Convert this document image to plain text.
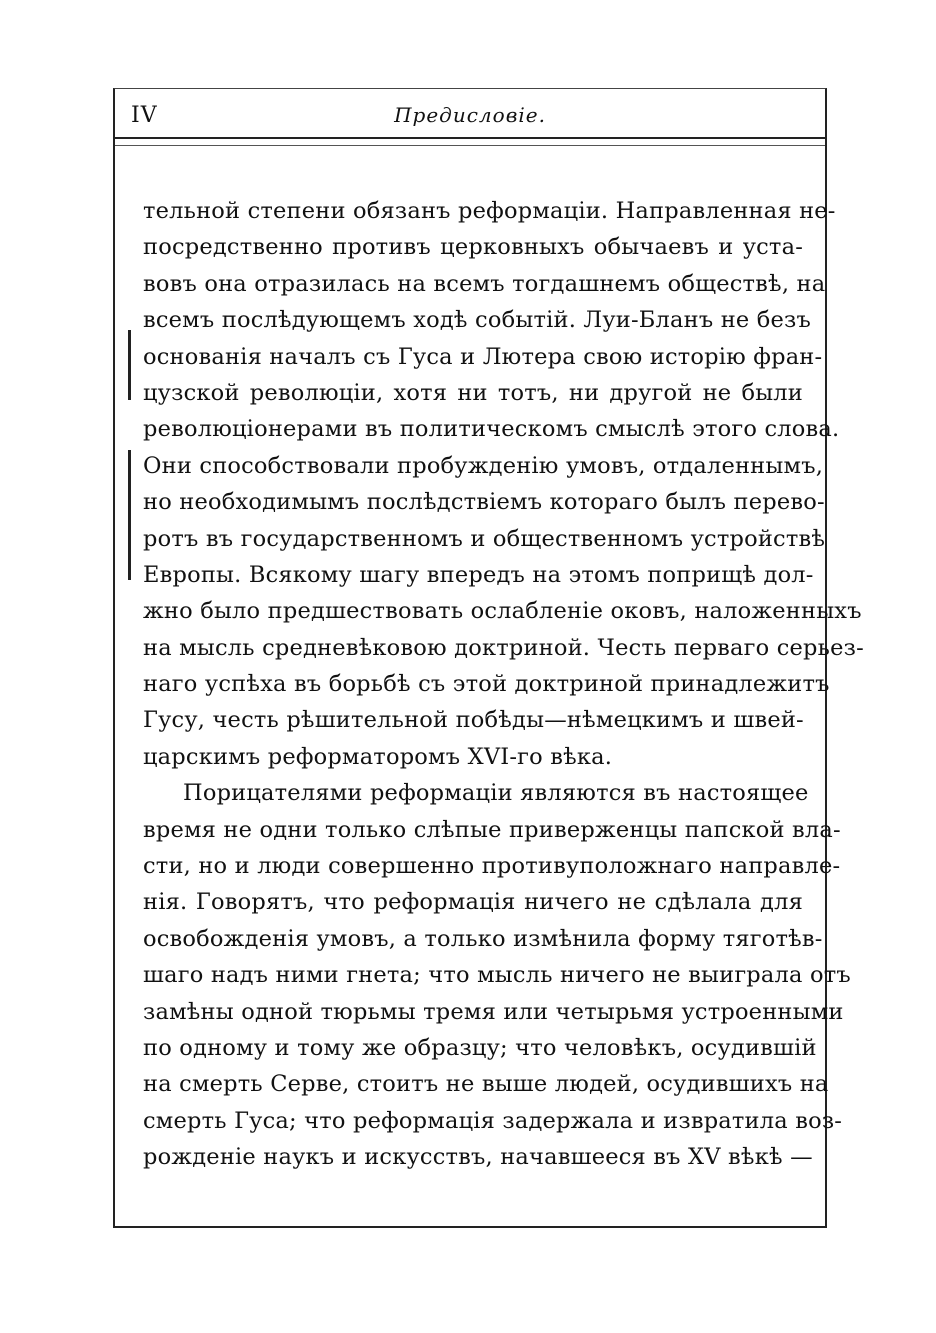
IV	Предисловіе.
тельной степени обязанъ реформаціи. Направленная не-
посредственно противъ церковныхъ обычаевъ и уста-
вовъ она отразилась на всемъ тогдашнемъ обществѣ, на
всемъ послѣдующемъ ходѣ событій. Луи-Бланъ не безъ
основанія началъ съ Гуса и Лютера свою исторію фран-
цузской революціи, хотя ни тотъ, ни другой не были
революціонерами въ политическомъ смыслѣ этого слова.
Они способствовали пробужденію умовъ, отдаленнымъ,
но необходимымъ послѣдствіемъ котораго былъ перево-
ротъ въ государственномъ и общественномъ устройствѣ
Европы. Всякому шагу впередъ на этомъ поприщѣ дол-
жно было предшествовать ослабленіе оковъ, наложенныхъ
на мысль средневѣковою доктриной. Честь перваго серьез-
наго успѣха въ борьбѣ съ этой доктриной принадлежитъ
Гусу, честь рѣшительной побѣды—нѣмецкимъ и швей-
царскимъ реформаторомъ XVI-го вѣка.
Порицателями реформаціи являются въ настоящее
время не одни только слѣпые приверженцы папской вла-
сти, но и люди совершенно противуположнаго направле-
нія. Говорятъ, что реформація ничего не сдѣлала для
освобожденія умовъ, а только измѣнила форму тяготѣв-
шаго надъ ними гнета; что мысль ничего не выиграла отъ
замѣны одной тюрьмы тремя или четырьмя устроенными
по одному и тому же образцу; что человѣкъ, осудившій
на смерть Серве, стоитъ не выше людей, осудившихъ на
смерть Гуса; что реформація задержала и извратила воз-
рожденіе наукъ и искусствъ, начавшееся въ XV вѣкѣ —
